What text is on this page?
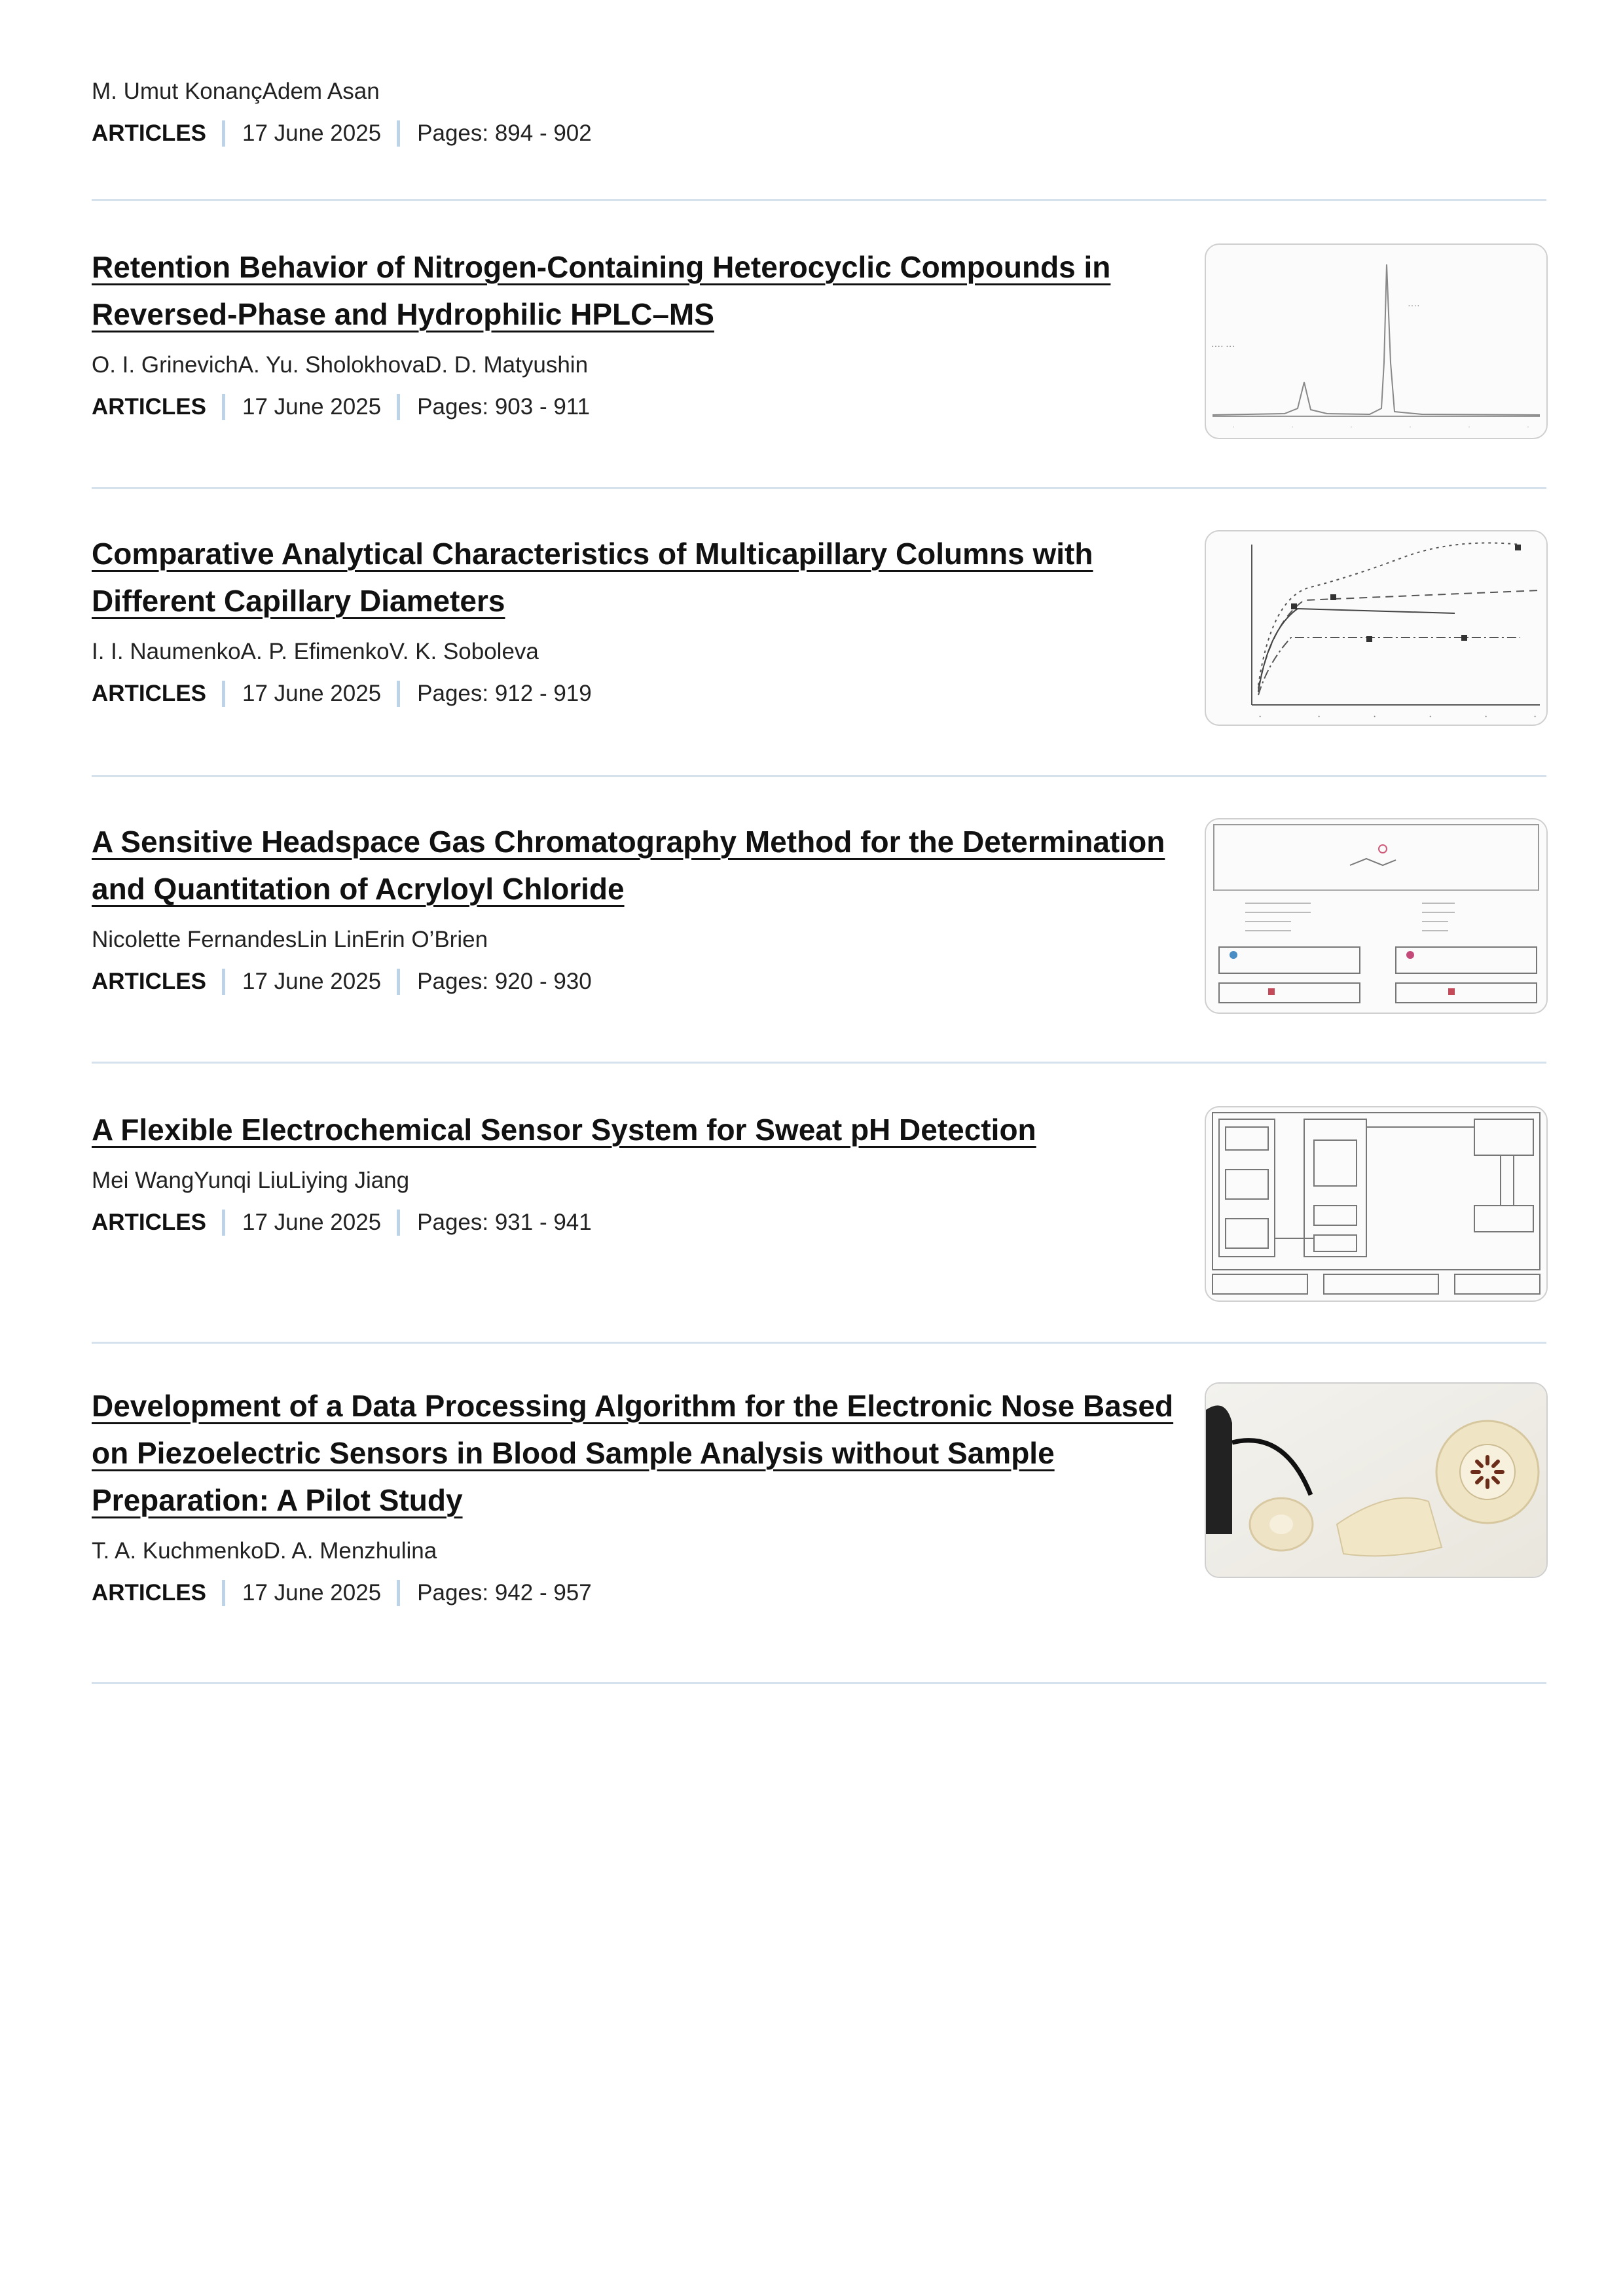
M. Umut KonançAdem Asan
ARTICLES 17 June 2025 Pages: 894 - 902
Retention Behavior of Nitrogen-Containing Heterocyclic Compounds in Reversed-Phase and Hydrophilic HPLC–MS
O. I. GrinevichA. Yu. SholokhovaD. D. Matyushin
ARTICLES 17 June 2025 Pages: 903 - 911
···· ···
····
·	·	·	·	·	·
Comparative Analytical Characteristics of Multicapillary Columns with Different Capillary Diameters
I. I. NaumenkoA. P. EfimenkoV. K. Soboleva
ARTICLES 17 June 2025 Pages: 912 - 919
·	·	·	·	·	·
A Sensitive Headspace Gas Chromatography Method for the Determination and Quantitation of Acryloyl Chloride
Nicolette FernandesLin LinErin O’Brien
ARTICLES 17 June 2025 Pages: 920 - 930
A Flexible Electrochemical Sensor System for Sweat pH Detection
Mei WangYunqi LiuLiying Jiang
ARTICLES 17 June 2025 Pages: 931 - 941
Development of a Data Processing Algorithm for the Electronic Nose Based on Piezoelectric Sensors in Blood Sample Analysis without Sample Preparation: A Pilot Study
T. A. KuchmenkoD. A. Menzhulina
ARTICLES 17 June 2025 Pages: 942 - 957
